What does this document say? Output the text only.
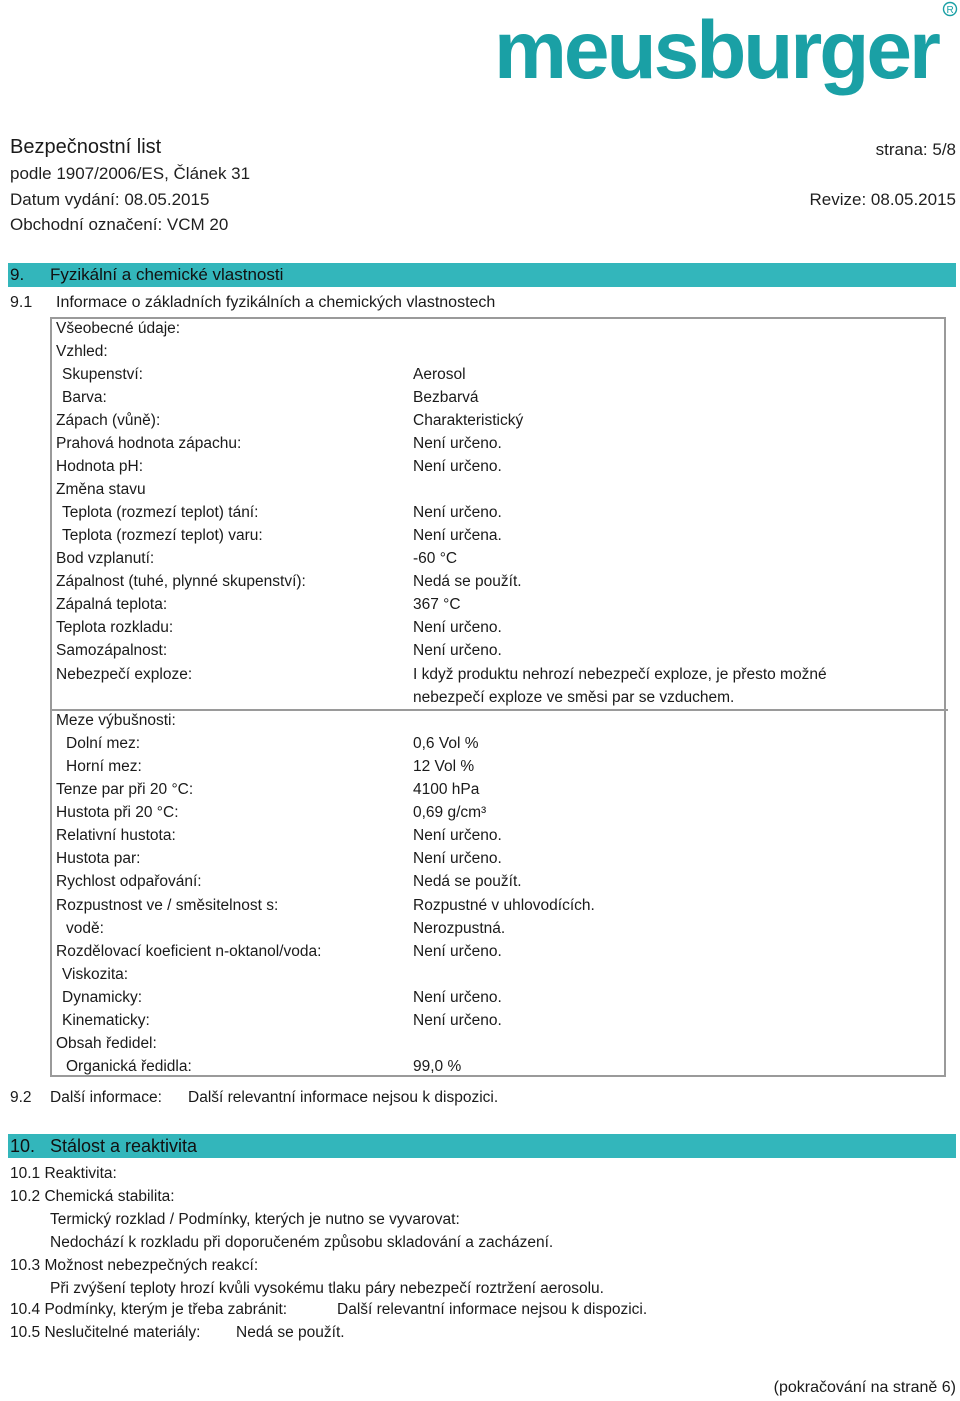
meusburger R
Bezpečnostní list	strana: 5/8
podle 1907/2006/ES, Článek 31
Datum vydání: 08.05.2015	Revize: 08.05.2015
Obchodní označení: VCM 20
9. Fyzikální a chemické vlastnosti
9.1 Informace o základních fyzikálních a chemických vlastnostech
Všeobecné údaje:
Vzhled:
Skupenství:	Aerosol
Barva:	Bezbarvá
Zápach (vůně):	Charakteristický
Prahová hodnota zápachu:	Není určeno.
Hodnota pH:	Není určeno.
Změna stavu
Teplota (rozmezí teplot) tání:	Není určeno.
Teplota (rozmezí teplot) varu:	Není určena.
Bod vzplanutí:	-60 °C
Zápalnost (tuhé, plynné skupenství):	Nedá se použít.
Zápalná teplota:	367 °C
Teplota rozkladu:	Není určeno.
Samozápalnost:	Není určeno.
Nebezpečí exploze:	I když produktu nehrozí nebezpečí exploze, je přesto možné
nebezpečí exploze ve směsi par se vzduchem.
Meze výbušnosti:
Dolní mez:	0,6 Vol %
Horní mez:	12 Vol %
Tenze par při 20 °C:	4100 hPa
Hustota při 20 °C:	0,69 g/cm³
Relativní hustota:	Není určeno.
Hustota par:	Není určeno.
Rychlost odpařování:	Nedá se použít.
Rozpustnost ve / směsitelnost s:	Rozpustné v uhlovodících.
vodě:	Nerozpustná.
Rozdělovací koeficient n-oktanol/voda:	Není určeno.
Viskozita:
Dynamicky:	Není určeno.
Kinematicky:	Není určeno.
Obsah ředidel:
Organická ředidla:	99,0 %
9.2 Další informace: Další relevantní informace nejsou k dispozici.
10. Stálost a reaktivita
10.1 Reaktivita:
10.2 Chemická stabilita:
Termický rozklad / Podmínky, kterých je nutno se vyvarovat:
Nedochází k rozkladu při doporučeném způsobu skladování a zacházení.
10.3 Možnost nebezpečných reakcí:
Při zvýšení teploty hrozí kvůli vysokému tlaku páry nebezpečí roztržení aerosolu.
10.4 Podmínky, kterým je třeba zabránit:	Další relevantní informace nejsou k dispozici.
10.5 Neslučitelné materiály: Nedá se použít.
(pokračování na straně 6)
